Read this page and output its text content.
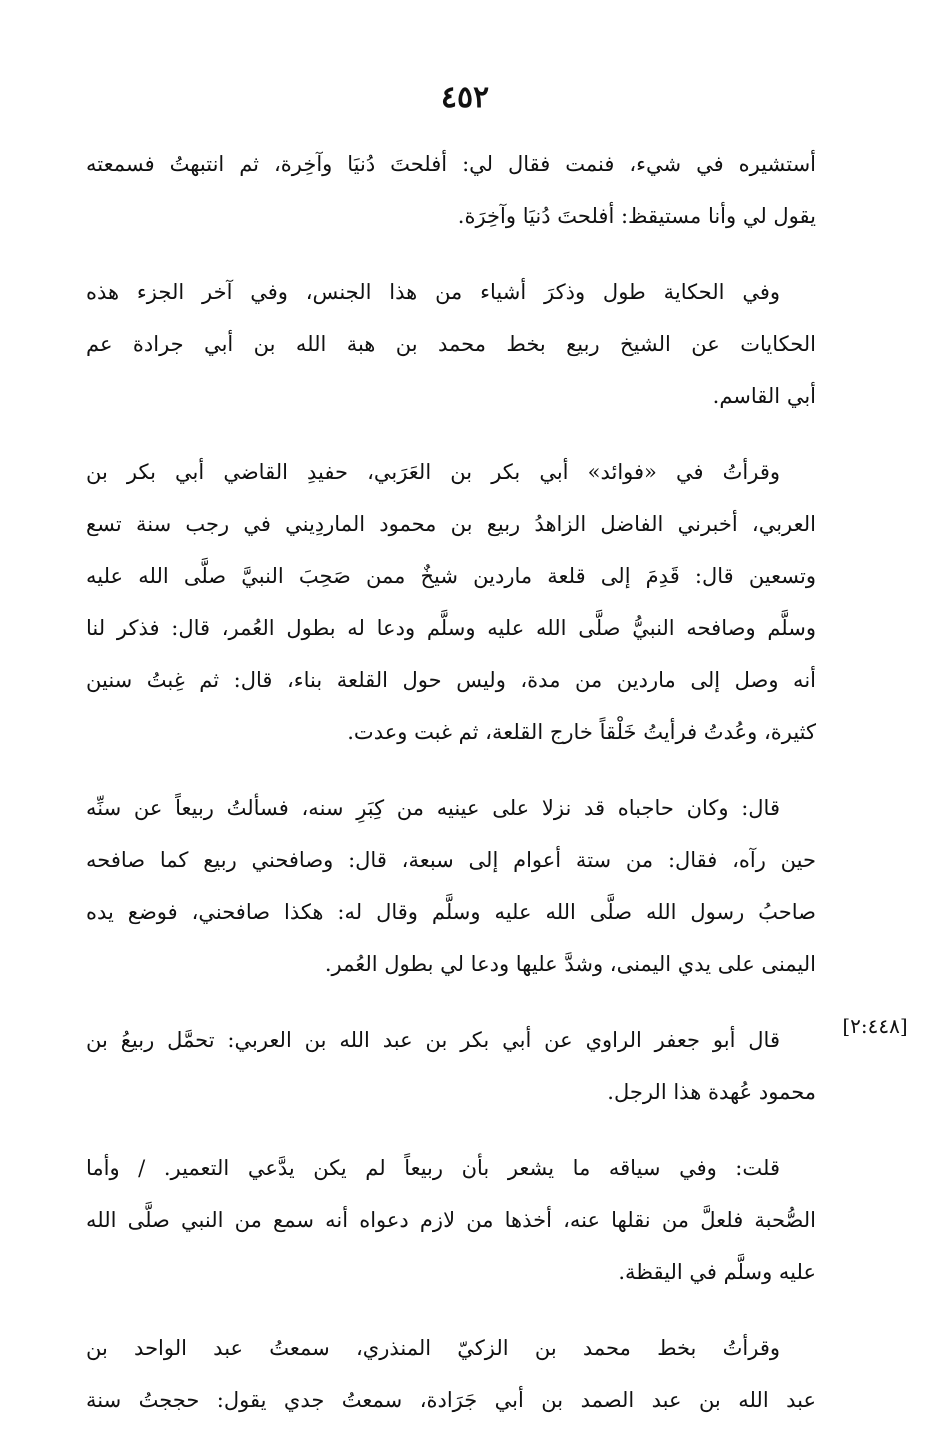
٤٥٢
[٢:٤٤٨]

أستشيره في شيء، فنمت فقال لي: أفلحتَ دُنيَا وآخِرة، ثم انتبهتُ فسمعته
يقول لي وأنا مستيقظ: أفلحتَ دُنيَا وآخِرَة.

وفي الحكاية طول وذكرَ أشياء من هذا الجنس، وفي آخر الجزء هذه
الحكايات عن الشيخ ربيع بخط محمد بن هبة الله بن أبي جرادة عم
أبي القاسم.

وقرأتُ في «فوائد» أبي بكر بن العَرَبي، حفيدِ القاضي أبي بكر بن
العربي، أخبرني الفاضل الزاهدُ ربيع بن محمود الماردِيني في رجب سنة تسع
وتسعين قال: قَدِمَ إلى قلعة ماردين شيخٌ ممن صَحِبَ النبيَّ صلَّى الله عليه
وسلَّم وصافحه النبيُّ صلَّى الله عليه وسلَّم ودعا له بطول العُمر، قال: فذكر لنا
أنه وصل إلى ماردين من مدة، وليس حول القلعة بناء، قال: ثم غِبتُ سنين
كثيرة، وعُدتُ فرأيتُ خَلْقاً خارج القلعة، ثم غبت وعدت.

قال: وكان حاجباه قد نزلا على عينيه من كِبَرِ سنه، فسألتُ ربيعاً عن سنِّه
حين رآه، فقال: من ستة أعوام إلى سبعة، قال: وصافحني ربيع كما صافحه
صاحبُ رسول الله صلَّى الله عليه وسلَّم وقال له: هكذا صافحني، فوضع يده
اليمنى على يدي اليمنى، وشدَّ عليها ودعا لي بطول العُمر.

قال أبو جعفر الراوي عن أبي بكر بن عبد الله بن العربي: تحمَّل ربيعُ بن
محمود عُهدة هذا الرجل.

قلت: وفي سياقه ما يشعر بأن ربيعاً لم يكن يدَّعي التعمير. / وأما
الصُّحبة فلعلَّ من نقلها عنه، أخذها من لازم دعواه أنه سمع من النبي صلَّى الله
عليه وسلَّم في اليقظة.

وقرأتُ بخط محمد بن الزكيّ المنذري، سمعتُ عبد الواحد بن
عبد الله بن عبد الصمد بن أبي جَرَادة، سمعتُ جدي يقول: حججتُ سنة
